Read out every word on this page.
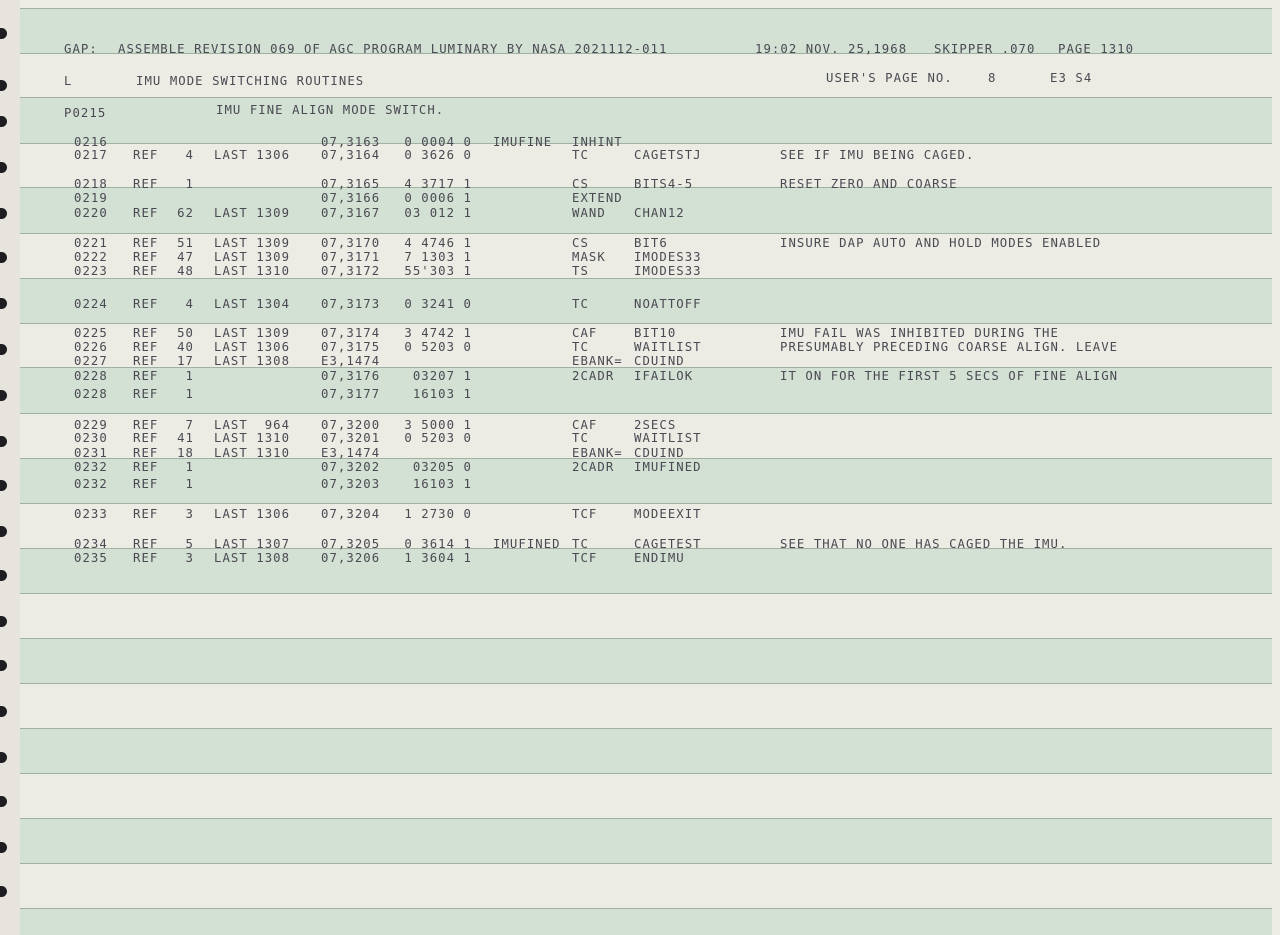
GAP: ASSEMBLE REVISION 069 OF AGC PROGRAM LUMINARY BY NASA 2021112-011	19:02 NOV. 25,1968 SKIPPER .070 PAGE 1310
L	IMU MODE SWITCHING ROUTINES	USER'S PAGE NO.	8	E3 S4
P0215	IMU FINE ALIGN MODE SWITCH.
0216	07,3163 0 0004 0 IMUFINE INHINT
0217 REF 4 LAST 1306	07,3164 0 3626 0	TC	CAGETSTJ	SEE IF IMU BEING CAGED.
0218 REF 1	07,3165 4 3717 1	CS	BITS4-5	RESET ZERO AND COARSE
0219	07,3166 0 0006 1	EXTEND
0220 REF 62 LAST 1309	07,3167 03 012 1	WAND CHAN12
0221 REF 51 LAST 1309	07,3170 4 4746 1	CS	BIT6	INSURE DAP AUTO AND HOLD MODES ENABLED
0222 REF 47 LAST 1309	07,3171 7 1303 1	MASK IMODES33
0223 REF 48 LAST 1310	07,3172 55'303 1	TS	IMODES33
0224 REF 4 LAST 1304	07,3173 0 3241 0	TC	NOATTOFF
0225 REF 50 LAST 1309	07,3174 3 4742 1	CAF	BIT10	IMU FAIL WAS INHIBITED DURING THE
0226 REF 40 LAST 1306	07,3175 0 5203 0	TC	WAITLIST	PRESUMABLY PRECEDING COARSE ALIGN. LEAVE
0227 REF 17 LAST 1308	E3,1474	EBANK= CDUIND
0228 REF 1	07,3176	03207 1	2CADR IFAILOK	IT ON FOR THE FIRST 5 SECS OF FINE ALIGN
0228 REF 1	07,3177	16103 1
0229 REF 7 LAST  964	07,3200 3 5000 1	CAF	2SECS
0230 REF 41 LAST 1310	07,3201 0 5203 0	TC	WAITLIST
0231 REF 18 LAST 1310	E3,1474	EBANK= CDUIND
0232 REF 1	07,3202	03205 0	2CADR IMUFINED
0232 REF 1	07,3203	16103 1
0233 REF 3 LAST 1306	07,3204 1 2730 0	TCF	MODEEXIT
0234 REF 5 LAST 1307	07,3205 0 3614 1 IMUFINED TC	CAGETEST	SEE THAT NO ONE HAS CAGED THE IMU.
0235 REF 3 LAST 1308	07,3206 1 3604 1	TCF	ENDIMU
